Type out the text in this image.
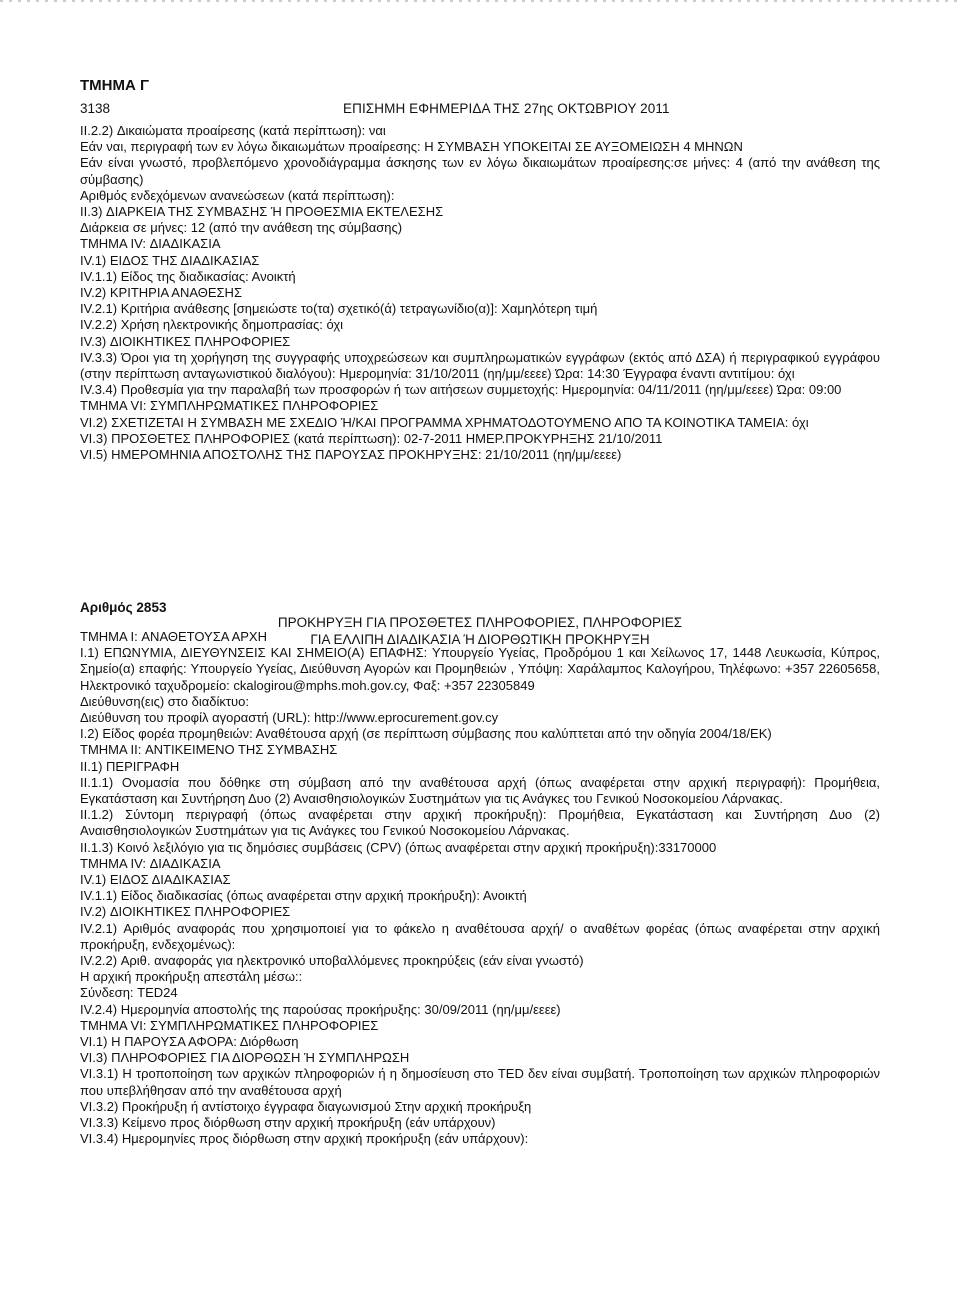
ΤΜΗΜΑ Γ
3138	ΕΠΙΣΗΜΗ ΕΦΗΜΕΡΙΔΑ ΤΗΣ 27ης ΟΚΤΩΒΡΙΟΥ 2011

II.2.2) Δικαιώματα προαίρεσης (κατά περίπτωση): ναι

Εάν ναι, περιγραφή των εν λόγω δικαιωμάτων προαίρεσης: Η ΣΥΜΒΑΣΗ ΥΠΟΚΕΙΤΑΙ ΣΕ ΑΥΞΟΜΕΙΩΣΗ 4 ΜΗΝΩΝ

Εάν είναι γνωστό, προβλεπόμενο χρονοδιάγραμμα άσκησης των εν λόγω δικαιωμάτων προαίρεσης:σε μήνες: 4 (από την ανάθεση της σύμβασης)

Αριθμός ενδεχόμενων ανανεώσεων (κατά περίπτωση):

II.3) ΔΙΑΡΚΕΙΑ ΤΗΣ ΣΥΜΒΑΣΗΣ Ή ΠΡΟΘΕΣΜΙΑ ΕΚΤΕΛΕΣΗΣ

Διάρκεια σε μήνες: 12 (από την ανάθεση της σύμβασης)

ΤΜΗΜΑ IV: ΔΙΑΔΙΚΑΣΙΑ

IV.1) ΕΙΔΟΣ ΤΗΣ ΔΙΑΔΙΚΑΣΙΑΣ

IV.1.1) Είδος της διαδικασίας: Ανοικτή

IV.2) ΚΡΙΤΗΡΙΑ ΑΝΑΘΕΣΗΣ

IV.2.1) Κριτήρια ανάθεσης [σημειώστε το(τα) σχετικό(ά) τετραγωνίδιο(α)]: Χαμηλότερη τιμή

IV.2.2) Χρήση ηλεκτρονικής δημοπρασίας: όχι

IV.3) ΔΙΟΙΚΗΤΙΚΕΣ ΠΛΗΡΟΦΟΡΙΕΣ

IV.3.3) Όροι για τη χορήγηση της συγγραφής υποχρεώσεων και συμπληρωματικών εγγράφων (εκτός από ΔΣΑ) ή περιγραφικού εγγράφου (στην περίπτωση ανταγωνιστικού διαλόγου): Ημερομηνία: 31/10/2011 (ηη/μμ/εεεε) Ώρα: 14:30 Έγγραφα έναντι αντιτίμου: όχι

IV.3.4) Προθεσμία για την παραλαβή των προσφορών ή των αιτήσεων συμμετοχής: Ημερομηνία: 04/11/2011 (ηη/μμ/εεεε) Ώρα: 09:00

ΤΜΗΜΑ VI: ΣΥΜΠΛΗΡΩΜΑΤΙΚΕΣ ΠΛΗΡΟΦΟΡΙΕΣ

VI.2) ΣΧΕΤΙΖΕΤΑΙ Η ΣΥΜΒΑΣΗ ΜΕ ΣΧΕΔΙΟ Ή/ΚΑΙ ΠΡΟΓΡΑΜΜΑ ΧΡΗΜΑΤΟΔΟΤΟΥΜΕΝΟ ΑΠΟ ΤΑ ΚΟΙΝΟΤΙΚΑ ΤΑΜΕΙΑ: όχι

VI.3) ΠΡΟΣΘΕΤΕΣ ΠΛΗΡΟΦΟΡΙΕΣ (κατά περίπτωση): 02-7-2011 ΗΜΕΡ.ΠΡΟΚΥΡΗΞΗΣ 21/10/2011

VI.5) ΗΜΕΡΟΜΗΝΙΑ ΑΠΟΣΤΟΛΗΣ ΤΗΣ ΠΑΡΟΥΣΑΣ ΠΡΟΚΗΡΥΞΗΣ: 21/10/2011 (ηη/μμ/εεεε)

Αριθμός 2853
ΠΡΟΚΗΡΥΞΗ ΓΙΑ ΠΡΟΣΘΕΤΕΣ ΠΛΗΡΟΦΟΡΙΕΣ, ΠΛΗΡΟΦΟΡΙΕΣ
ΓΙΑ ΕΛΛΙΠΗ ΔΙΑΔΙΚΑΣΙΑ Ή ΔΙΟΡΘΩΤΙΚΗ ΠΡΟΚΗΡΥΞΗ

ΤΜΗΜΑ I: ΑΝΑΘΕΤΟΥΣΑ ΑΡΧΗ

I.1) ΕΠΩΝΥΜΙΑ, ΔΙΕΥΘΥΝΣΕΙΣ ΚΑΙ ΣΗΜΕΙΟ(Α) ΕΠΑΦΗΣ: Υπουργείο Υγείας, Προδρόμου 1 και Χείλωνος 17, 1448 Λευκωσία, Κύπρος, Σημείο(α) επαφής: Υπουργείο Υγείας, Διεύθυνση Αγορών και Προμηθειών , Υπόψη: Χαράλαμπος Καλογήρου, Τηλέφωνο: +357 22605658, Ηλεκτρονικό ταχυδρομείο: ckalogirou@mphs.moh.gov.cy, Φαξ: +357 22305849

Διεύθυνση(εις) στο διαδίκτυο:

Διεύθυνση του προφίλ αγοραστή (URL): http://www.eprocurement.gov.cy

I.2) Είδος φορέα προμηθειών: Αναθέτουσα αρχή (σε περίπτωση σύμβασης που καλύπτεται από την οδηγία 2004/18/ΕΚ)

ΤΜΗΜΑ II: ΑΝΤΙΚΕΙΜΕΝΟ ΤΗΣ ΣΥΜΒΑΣΗΣ

II.1) ΠΕΡΙΓΡΑΦΗ

II.1.1) Ονομασία που δόθηκε στη σύμβαση από την αναθέτουσα αρχή (όπως αναφέρεται στην αρχική περιγραφή): Προμήθεια, Εγκατάσταση και Συντήρηση Δυο (2) Αναισθησιολογικών Συστημάτων για τις Ανάγκες του Γενικού Νοσοκομείου Λάρνακας.

II.1.2) Σύντομη περιγραφή (όπως αναφέρεται στην αρχική προκήρυξη): Προμήθεια, Εγκατάσταση και Συντήρηση Δυο (2) Αναισθησιολογικών Συστημάτων για τις Ανάγκες του Γενικού Νοσοκομείου Λάρνακας.

II.1.3) Κοινό λεξιλόγιο για τις δημόσιες συμβάσεις (CPV) (όπως αναφέρεται στην αρχική προκήρυξη):33170000

ΤΜΗΜΑ IV: ΔΙΑΔΙΚΑΣΙΑ

IV.1) ΕΙΔΟΣ ΔΙΑΔΙΚΑΣΙΑΣ

IV.1.1) Είδος διαδικασίας (όπως αναφέρεται στην αρχική προκήρυξη): Ανοικτή

IV.2) ΔΙΟΙΚΗΤΙΚΕΣ ΠΛΗΡΟΦΟΡΙΕΣ

IV.2.1) Αριθμός αναφοράς που χρησιμοποιεί για το φάκελο η αναθέτουσα αρχή/ ο αναθέτων φορέας (όπως αναφέρεται στην αρχική προκήρυξη, ενδεχομένως):

IV.2.2) Αριθ. αναφοράς για ηλεκτρονικό υποβαλλόμενες προκηρύξεις (εάν είναι γνωστό)

Η αρχική προκήρυξη απεστάλη μέσω::

Σύνδεση: TED24

IV.2.4) Ημερομηνία αποστολής της παρούσας προκήρυξης: 30/09/2011 (ηη/μμ/εεεε)

ΤΜΗΜΑ VI: ΣΥΜΠΛΗΡΩΜΑΤΙΚΕΣ ΠΛΗΡΟΦΟΡΙΕΣ

VI.1) Η ΠΑΡΟΥΣΑ ΑΦΟΡΑ: Διόρθωση

VI.3) ΠΛΗΡΟΦΟΡΙΕΣ ΓΙΑ ΔΙΟΡΘΩΣΗ Ή ΣΥΜΠΛΗΡΩΣΗ

VI.3.1) Η τροποποίηση των αρχικών πληροφοριών ή η δημοσίευση στο TED δεν είναι συμβατή. Τροποποίηση των αρχικών πληροφοριών που υπεβλήθησαν από την αναθέτουσα αρχή

VI.3.2) Προκήρυξη ή αντίστοιχο έγγραφα διαγωνισμού Στην αρχική προκήρυξη

VI.3.3) Κείμενο προς διόρθωση στην αρχική προκήρυξη (εάν υπάρχουν)

VI.3.4) Ημερομηνίες προς διόρθωση στην αρχική προκήρυξη (εάν υπάρχουν):
